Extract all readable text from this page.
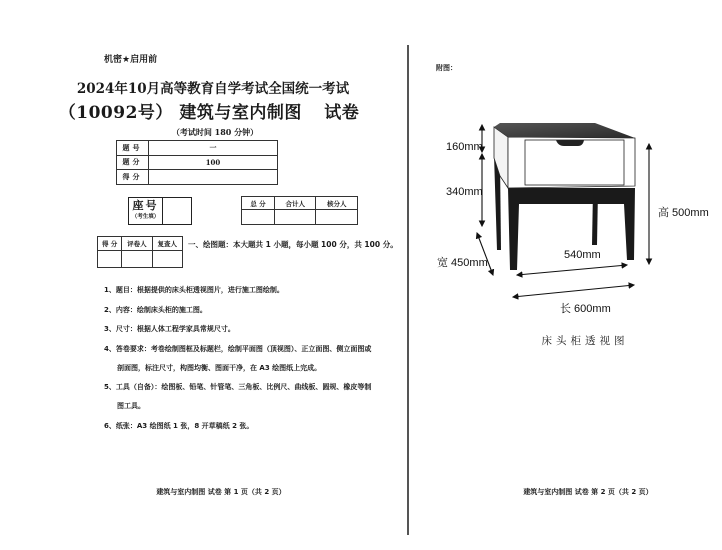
机密★启用前
2024年10月高等教育自学考试全国统一考试
（10092号） 建筑与室内制图 试卷
（考试时间 180 分钟）
题号	一
题分	100
得分	
座号
（考生填）
总 分	合计人	核分人

得 分	评卷人	复查人
		一、绘图题：本大题共 1 小题，每小题 100 分，共 100 分。
1、题目：根据提供的床头柜透视图片，进行施工图绘制。
2、内容：绘制床头柜的施工图。
3、尺寸：根据人体工程学家具常规尺寸。
4、答卷要求：考卷绘制图框及标题栏，绘制平面图（顶视图）、正立面图、侧立面图或
剖面图，标注尺寸，构图均衡、图面干净，在 A3 绘图纸上完成。
5、工具（自备）：绘图板、铅笔、针管笔、三角板、比例尺、曲线板、圆规、橡皮等制
图工具。
6、纸张：A3 绘图纸 1 张，8 开草稿纸 2 张。
建筑与室内制图 试卷 第 1 页（共 2 页）
附图：
160mm
340mm
高 500mm
宽 450mm
540mm
长 600mm
床头柜透视图
建筑与室内制图 试卷 第 2 页（共 2 页）
